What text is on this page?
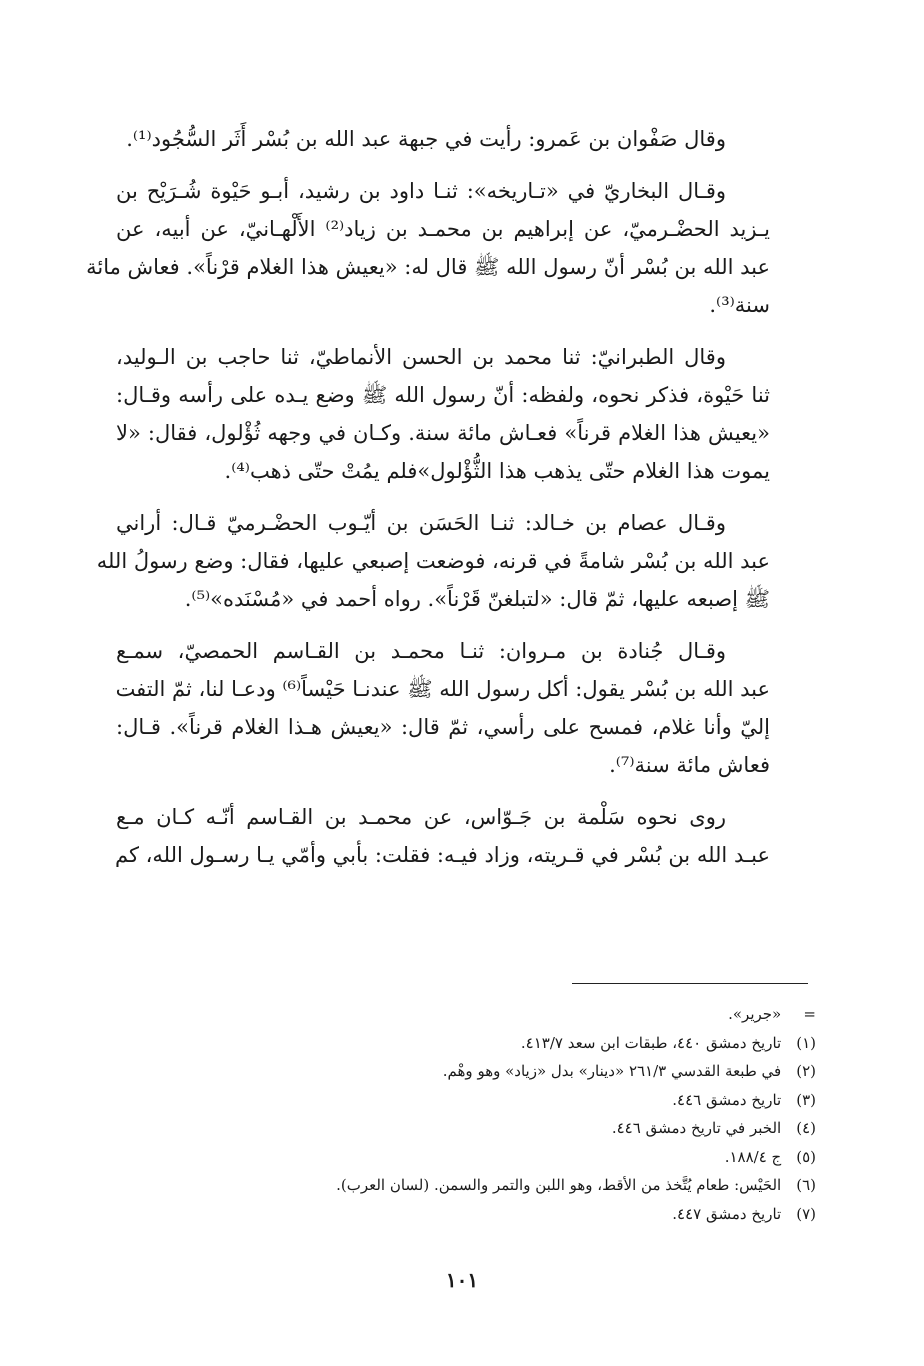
وقال صَفْوان بن عَمرو: رأيت في جبهة عبد الله بن بُسْر أَثَر السُّجُود⁽¹⁾.
وقـال البخاريّ في «تـاريخه»: ثنـا داود بن رشيد، أبـو حَيْوة شُـرَيْح بن
يـزيد الحضْـرميّ، عن إبراهيم بن محمـد بن زياد⁽²⁾ الأَلْهـانيّ، عن أبيه، عن
عبد الله بن بُسْر أنّ رسول الله ﷺ قال له: «يعيش هذا الغلام قرْناً». فعاش مائة
سنة⁽³⁾.
وقال الطبرانيّ: ثنا محمد بن الحسن الأنماطيّ، ثنا حاجب بن الـوليد،
ثنا حَيْوة، فذكر نحوه، ولفظه: أنّ رسول الله ﷺ وضع يـده على رأسه وقـال:
«يعيش هذا الغلام قرناً» فعـاش مائة سنة. وكـان في وجهه ثُؤْلول، فقال: «لا
يموت هذا الغلام حتّى يذهب هذا الثُّؤْلول»فلم يمُتْ حتّى ذهب⁽⁴⁾.
وقـال عصام بن خـالد: ثنـا الحَسَن بن أيّـوب الحضْـرميّ قـال: أراني
عبد الله بن بُسْر شامةً في قرنه، فوضعت إصبعي عليها، فقال: وضع رسولُ الله
ﷺ إصبعه عليها، ثمّ قال: «لتبلغنّ قَرْناً». رواه أحمد في «مُسْنَده»⁽⁵⁾.
وقـال جُنادة بن مـروان: ثنـا محمـد بن القـاسم الحمصيّ، سمـع
عبد الله بن بُسْر يقول: أكل رسول الله ﷺ عندنـا حَيْساً⁽⁶⁾ ودعـا لنا، ثمّ التفت
إليّ وأنا غلام، فمسح على رأسي، ثمّ قال: «يعيش هـذا الغلام قرناً». قـال:
فعاش مائة سنة⁽⁷⁾.
روى نحوه سَلْمة بن جَـوّاس، عن محمـد بن القـاسم أنّـه كـان مـع
عبـد الله بن بُسْر في قـريته، وزاد فيـه: فقلت: بأبي وأمّي يـا رسـول الله، كم
= «جرير».
(١) تاريخ دمشق ٤٤٠، طبقات ابن سعد ٤١٣/٧.
(٢) في طبعة القدسي ٢٦١/٣ «دينار» بدل «زياد» وهو وهْم.
(٣) تاريخ دمشق ٤٤٦.
(٤) الخبر في تاريخ دمشق ٤٤٦.
(٥) ج ١٨٨/٤.
(٦) الحَيْس: طعام يُتَّخذ من الأقط، وهو اللبن والتمر والسمن. (لسان العرب).
(٧) تاريخ دمشق ٤٤٧.
١٠١
